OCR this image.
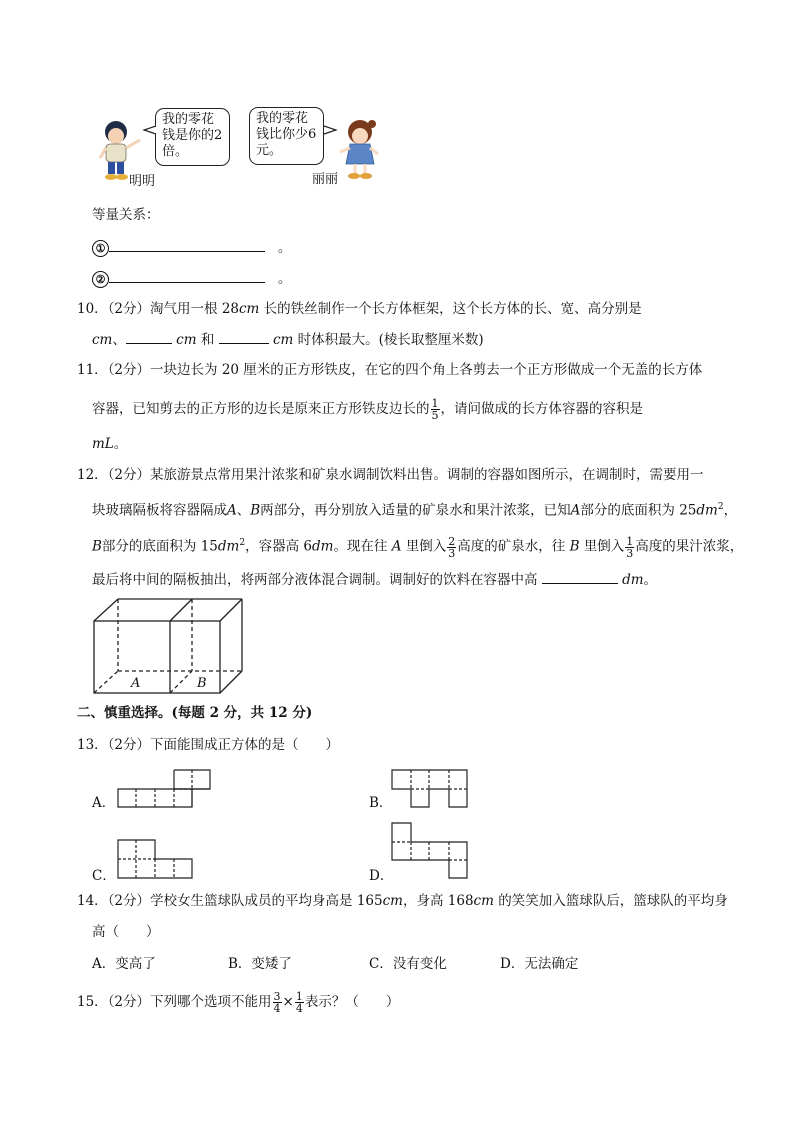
我的零花钱是你的2倍。
明明
我的零花钱比你少6元。
丽丽
等量关系：
①	。
②	。
10．（2分）淘气用一根 28cm 长的铁丝制作一个长方体框架，这个长方体的长、宽、高分别是
cm、	cm 和	cm 时体积最大。(棱长取整厘米数)
11．（2分）一块边长为 20 厘米的正方形铁皮，在它的四个角上各剪去一个正方形做成一个无盖的长方体
容器，已知剪去的正方形的边长是原来正方形铁皮边长的 $\frac{1}{5}$ ，请问做成的长方体容器的容积是
mL。
12．（2分）某旅游景点常用果汁浓浆和矿泉水调制饮料出售。调制的容器如图所示，在调制时，需要用一
块玻璃隔板将容器隔成A、B两部分，再分别放入适量的矿泉水和果汁浓浆，已知A部分的底面积为 $25dm^2$，
B部分的底面积为 $15dm^2$，容器高 6dm。现在往 A 里倒入 $\frac{2}{3}$ 高度的矿泉水，往 B 里倒入 $\frac{1}{3}$ 高度的果汁浓浆，
最后将中间的隔板抽出，将两部分液体混合调制。调制好的饮料在容器中高	dm。
A	B
二、慎重选择。(每题 2 分，共 12 分)
13．（2分）下面能围成正方体的是（　　）
A．	B．
C．	D．
14．（2分）学校女生篮球队成员的平均身高是 165cm，身高 168cm 的笑笑加入篮球队后，篮球队的平均身
高（　　）
A．变高了	B．变矮了	C．没有变化	D．无法确定
15．（2分）下列哪个选项不能用 $\frac{3}{4} \times \frac{1}{4}$ 表示？（　　）
